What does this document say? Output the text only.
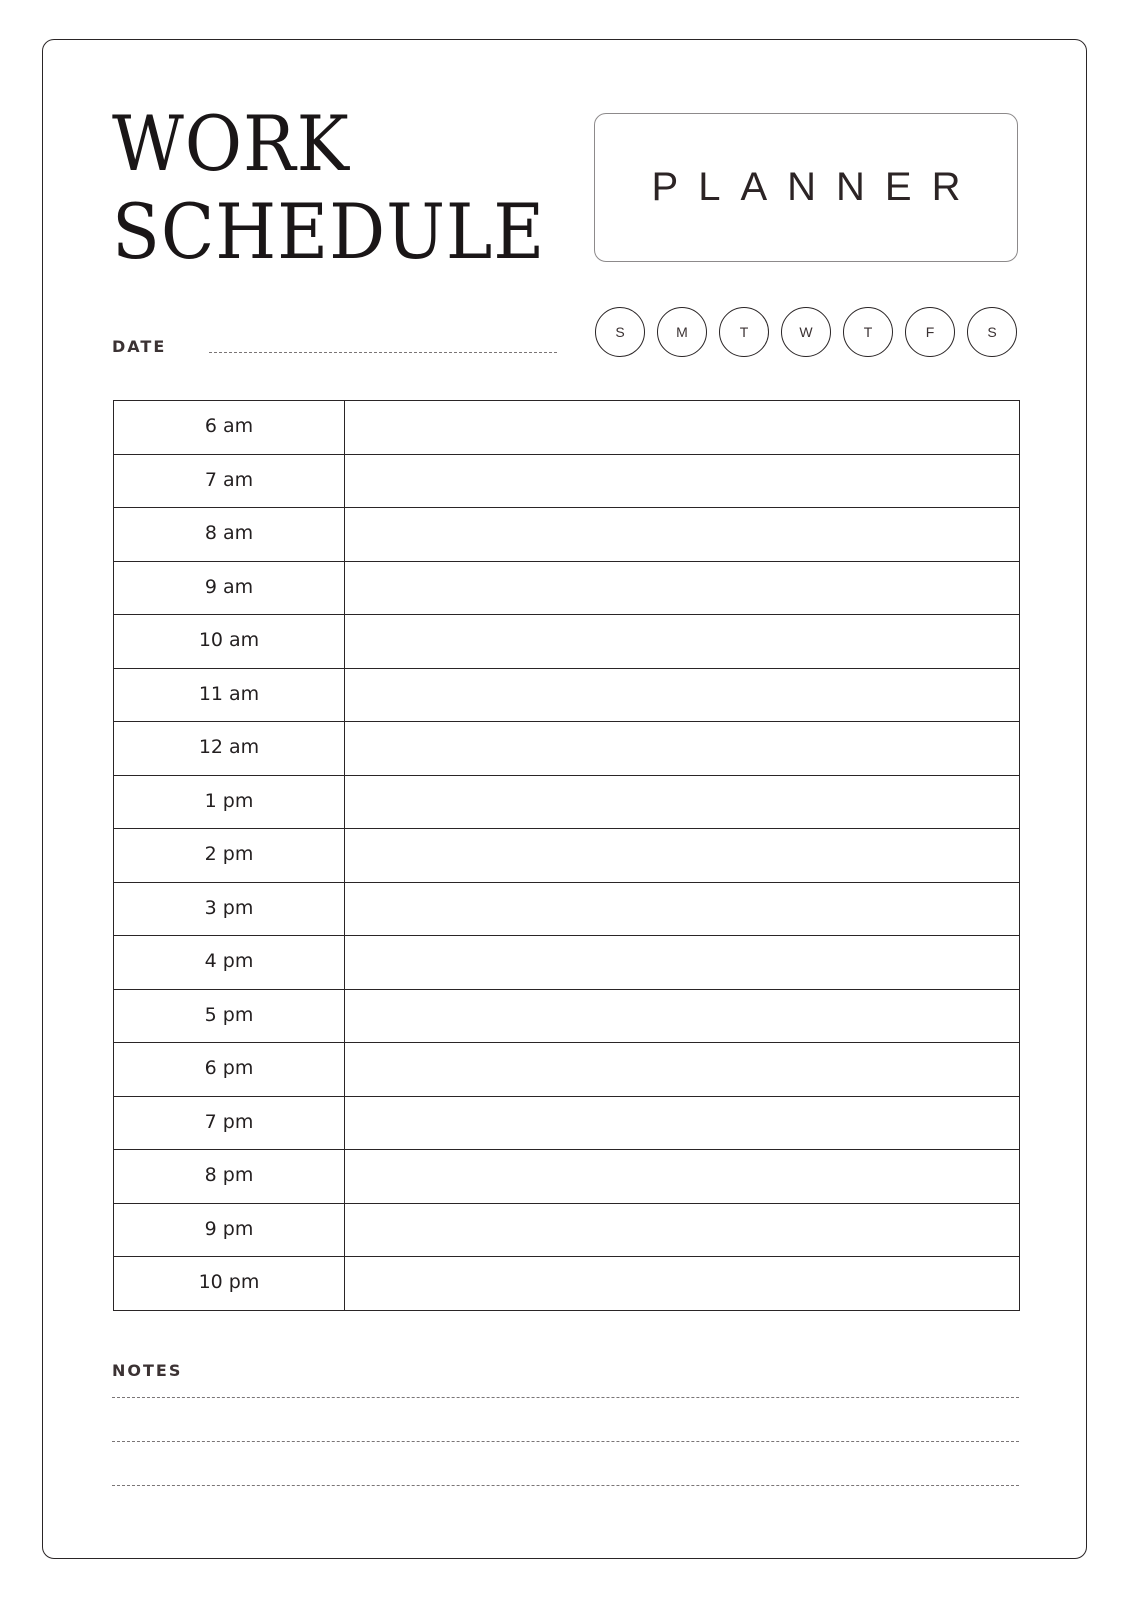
WORK
SCHEDULE	PLANNER
DATE
S	M	T	W	T	F	S
6 am	
7 am	
8 am	
9 am	
10 am	
11 am	
12 am	
1 pm	
2 pm	
3 pm	
4 pm	
5 pm	
6 pm	
7 pm	
8 pm	
9 pm	
10 pm	
NOTES
